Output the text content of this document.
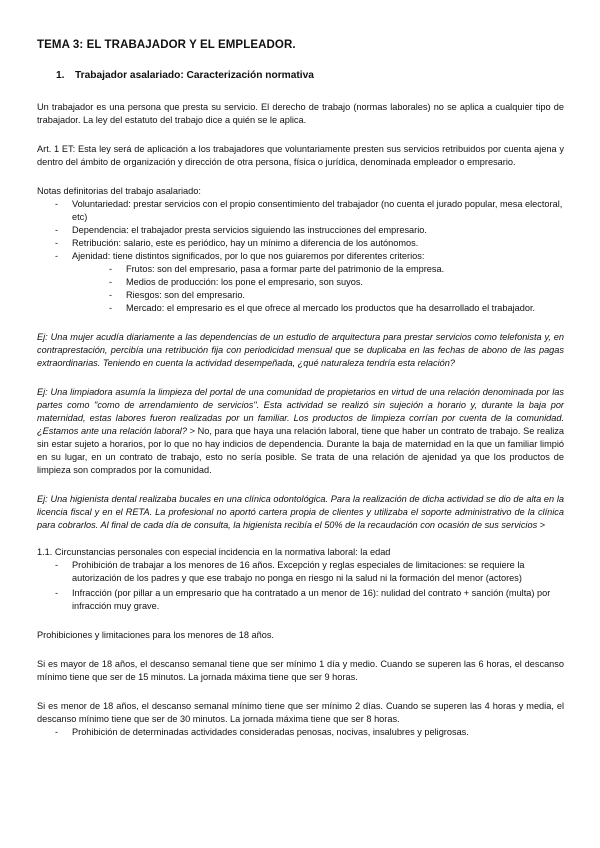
TEMA 3: EL TRABAJADOR Y EL EMPLEADOR.
1. Trabajador asalariado: Caracterización normativa

Un trabajador es una persona que presta su servicio. El derecho de trabajo (normas laborales) no se aplica a cualquier tipo de trabajador. La ley del estatuto del trabajo dice a quién se le aplica.

Art. 1 ET: Esta ley será de aplicación a los trabajadores que voluntariamente presten sus servicios retribuidos por cuenta ajena y dentro del ámbito de organización y dirección de otra persona, física o jurídica, denominada empleador o empresario.

Notas definitorias del trabajo asalariado:

- Voluntariedad: prestar servicios con el propio consentimiento del trabajador (no cuenta el jurado popular, mesa electoral, etc)
- Dependencia: el trabajador presta servicios siguiendo las instrucciones del empresario.
- Retribución: salario, este es periódico, hay un mínimo a diferencia de los autónomos.
- Ajenidad: tiene distintos significados, por lo que nos guiaremos por diferentes criterios:
- Frutos: son del empresario, pasa a formar parte del patrimonio de la empresa.
- Medios de producción: los pone el empresario, son suyos.
- Riesgos: son del empresario.
- Mercado: el empresario es el que ofrece al mercado los productos que ha desarrollado el trabajador.

Ej: Una mujer acudía diariamente a las dependencias de un estudio de arquitectura para prestar servicios como telefonista y, en contraprestación, percibía una retribución fija con periodicidad mensual que se duplicaba en las fechas de abono de las pagas extraordinarias. Teniendo en cuenta la actividad desempeñada, ¿qué naturaleza tendría esta relación?

Ej: Una limpiadora asumía la limpieza del portal de una comunidad de propietarios en virtud de una relación denominada por las partes como "como de arrendamiento de servicios". Esta actividad se realizó sin sujeción a horario y, durante la baja por maternidad, estas labores fueron realizadas por un familiar. Los productos de limpieza corrían por cuenta de la comunidad. ¿Estamos ante una relación laboral? > No, para que haya una relación laboral, tiene que haber un contrato de trabajo. Se realiza sin estar sujeto a horarios, por lo que no hay indicios de dependencia. Durante la baja de maternidad en la que un familiar limpió en su lugar, en un contrato de trabajo, esto no sería posible. Se trata de una relación de ajenidad ya que los productos de limpieza son comprados por la comunidad.

Ej: Una higienista dental realizaba bucales en una clínica odontológica. Para la realización de dicha actividad se dio de alta en la licencia fiscal y en el RETA. La profesional no aportó cartera propia de clientes y utilizaba el soporte administrativo de la clínica para cobrarlos. Al final de cada día de consulta, la higienista recibía el 50% de la recaudación con ocasión de sus servicios >

1.1. Circunstancias personales con especial incidencia en la normativa laboral: la edad

- Prohibición de trabajar a los menores de 16 años. Excepción y reglas especiales de limitaciones: se requiere la autorización de los padres y que ese trabajo no ponga en riesgo ni la salud ni la formación del menor (actores)
- Infracción (por pillar a un empresario que ha contratado a un menor de 16): nulidad del contrato + sanción (multa) por infracción muy grave.

Prohibiciones y limitaciones para los menores de 18 años.

Si es mayor de 18 años, el descanso semanal tiene que ser mínimo 1 día y medio. Cuando se superen las 6 horas, el descanso mínimo tiene que ser de 15 minutos. La jornada máxima tiene que ser 9 horas.

Si es menor de 18 años, el descanso semanal mínimo tiene que ser mínimo 2 días. Cuando se superen las 4 horas y media, el descanso mínimo tiene que ser de 30 minutos. La jornada máxima tiene que ser 8 horas.

- Prohibición de determinadas actividades consideradas penosas, nocivas, insalubres y peligrosas.
